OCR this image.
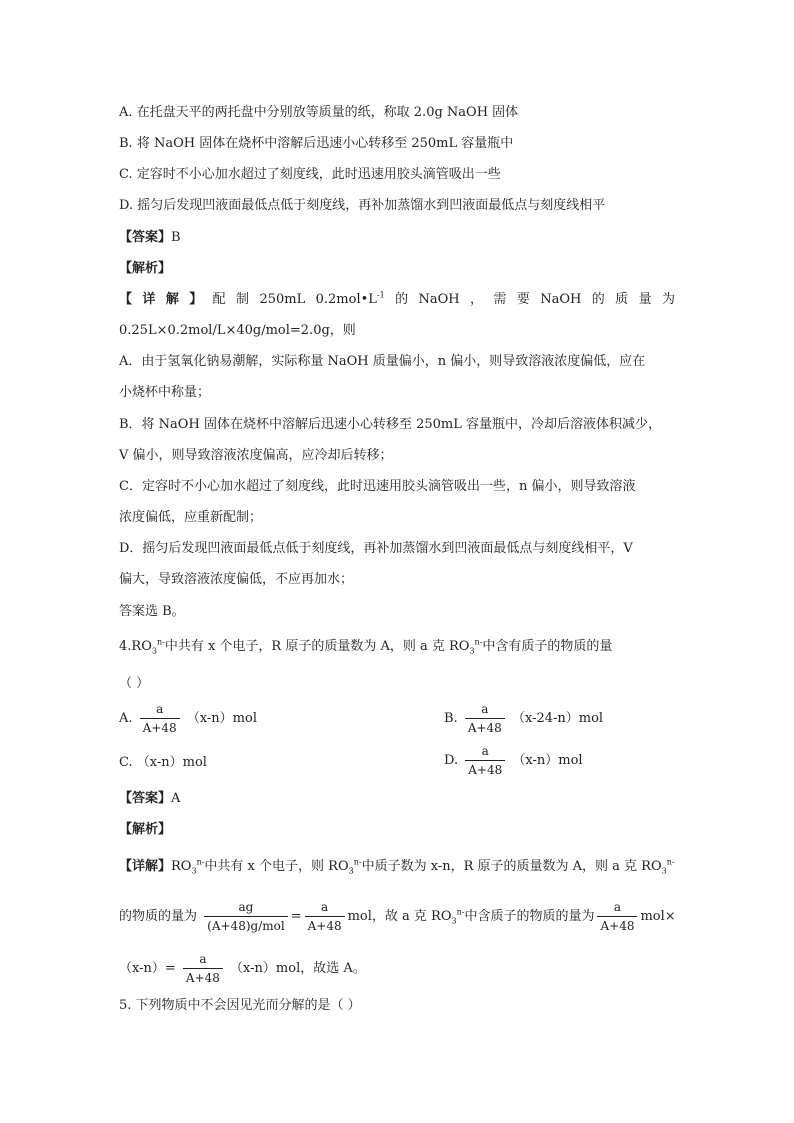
A. 在托盘天平的两托盘中分别放等质量的纸，称取 2.0g NaOH 固体
B. 将 NaOH 固体在烧杯中溶解后迅速小心转移至 250mL 容量瓶中
C. 定容时不小心加水超过了刻度线，此时迅速用胶头滴管吸出一些
D. 摇匀后发现凹液面最低点低于刻度线，再补加蒸馏水到凹液面最低点与刻度线相平
【答案】B
【解析】
【 详 解 】 配 制 250mL $0.2mol•L^{-1}$ 的 NaOH ， 需 要 NaOH 的 质 量 为
0.25L×0.2mol/L×40g/mol=2.0g，则
A．由于氢氧化钠易潮解，实际称量 NaOH 质量偏小，n 偏小，则导致溶液浓度偏低，应在
小烧杯中称量；
B．将 NaOH 固体在烧杯中溶解后迅速小心转移至 250mL 容量瓶中，冷却后溶液体积减少，
V 偏小，则导致溶液浓度偏高，应冷却后转移；
C．定容时不小心加水超过了刻度线，此时迅速用胶头滴管吸出一些，n 偏小，则导致溶液
浓度偏低，应重新配制；
D．摇匀后发现凹液面最低点低于刻度线，再补加蒸馏水到凹液面最低点与刻度线相平，V
偏大，导致溶液浓度偏低，不应再加水；
答案选 B。
$4.RO_3^{n-}$中共有 x 个电子，R 原子的质量数为 A，则 a 克 $RO_3^{n-}$中含有质子的物质的量
（ ）
A. $\frac{a}{A+48} (x-n)mol$	B. $\frac{a}{A+48} (x-24-n)mol$
C. （x-n）mol	D. $\frac{a}{A+48} (x-n)mol$
【答案】A
【解析】
【详解】$RO_3^{n-}$中共有 x 个电子，则 $RO_3^{n-}$中质子数为 x-n，R 原子的质量数为 A，则 a 克 $RO_3^{n-}$
的物质的量为 $\frac{ag}{\text{(A+48)g/mol}} = \frac{a}{A+48}$ mol，故 a 克 $RO_3^{n-}$中含质子的物质的量为 $\frac{a}{A+48} mol\times$
$(x-n)= \frac{a}{A+48} (x-n)mol$，故选 A。
5. 下列物质中不会因见光而分解的是（ ）
